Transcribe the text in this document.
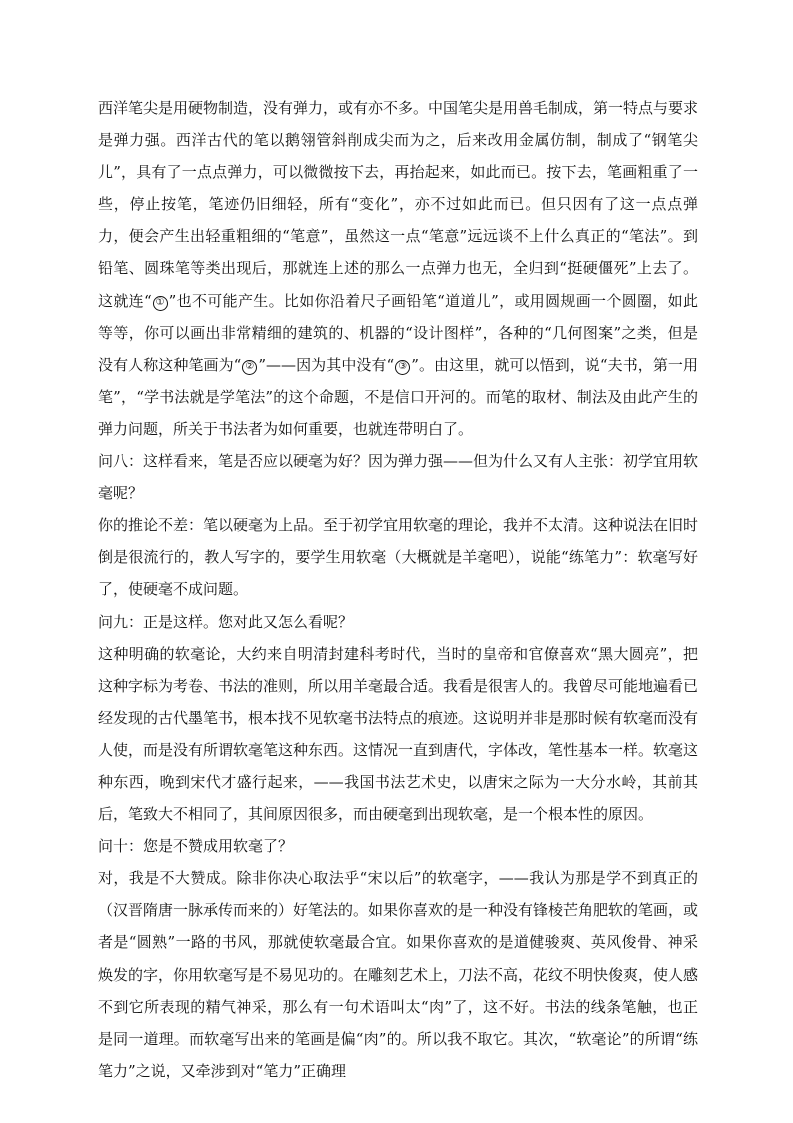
西洋笔尖是用硬物制造，没有弹力，或有亦不多。中国笔尖是用兽毛制成，第一特点与要求是弹力强。西洋古代的笔以鹅翎管斜削成尖而为之，后来改用金属仿制，制成了“钢笔尖儿”，具有了一点点弹力，可以微微按下去，再抬起来，如此而已。按下去，笔画粗重了一些，停止按笔，笔迹仍旧细轻，所有“变化”，亦不过如此而已。但只因有了这一点点弹力，便会产生出轻重粗细的“笔意”，虽然这一点“笔意”远远谈不上什么真正的“笔法”。到铅笔、圆珠笔等类出现后，那就连上述的那么一点弹力也无，全归到“挺硬僵死”上去了。这就连“ ① ”也不可能产生。比如你沿着尺子画铅笔“道道儿”，或用圆规画一个圆圈，如此等等，你可以画出非常精细的建筑的、机器的“设计图样”，各种的“几何图案”之类，但是没有人称这种笔画为“ ② ”——因为其中没有“ ③ ”。由这里，就可以悟到，说“夫书，第一用笔”，“学书法就是学笔法”的这个命题，不是信口开河的。而笔的取材、制法及由此产生的弹力问题，所关于书法者为如何重要，也就连带明白了。

问八：这样看来，笔是否应以硬毫为好？因为弹力强——但为什么又有人主张：初学宜用软毫呢？

你的推论不差：笔以硬毫为上品。至于初学宜用软毫的理论，我并不太清。这种说法在旧时倒是很流行的，教人写字的，要学生用软毫（大概就是羊毫吧），说能“练笔力”：软毫写好了，使硬毫不成问题。

问九：正是这样。您对此又怎么看呢？

这种明确的软毫论，大约来自明清封建科考时代，当时的皇帝和官僚喜欢“黑大圆亮”，把这种字标为考卷、书法的准则，所以用羊毫最合适。我看是很害人的。我曾尽可能地遍看已经发现的古代墨笔书，根本找不见软毫书法特点的痕迹。这说明并非是那时候有软毫而没有人使，而是没有所谓软毫笔这种东西。这情况一直到唐代，字体改，笔性基本一样。软毫这种东西，晚到宋代才盛行起来，——我国书法艺术史，以唐宋之际为一大分水岭，其前其后，笔致大不相同了，其间原因很多，而由硬毫到出现软毫，是一个根本性的原因。

问十：您是不赞成用软毫了？

对，我是不大赞成。除非你决心取法乎“宋以后”的软毫字，——我认为那是学不到真正的（汉晋隋唐一脉承传而来的）好笔法的。如果你喜欢的是一种没有锋棱芒角肥软的笔画，或者是“圆熟”一路的书风，那就使软毫最合宜。如果你喜欢的是道健骏爽、英风俊骨、神采焕发的字，你用软毫写是不易见功的。在雕刻艺术上，刀法不高，花纹不明快俊爽，使人感不到它所表现的精气神采，那么有一句术语叫太“肉”了，这不好。书法的线条笔触，也正是同一道理。而软毫写出来的笔画是偏“肉”的。所以我不取它。其次，“软毫论”的所谓“练笔力”之说，又牵涉到对“笔力”正确理
